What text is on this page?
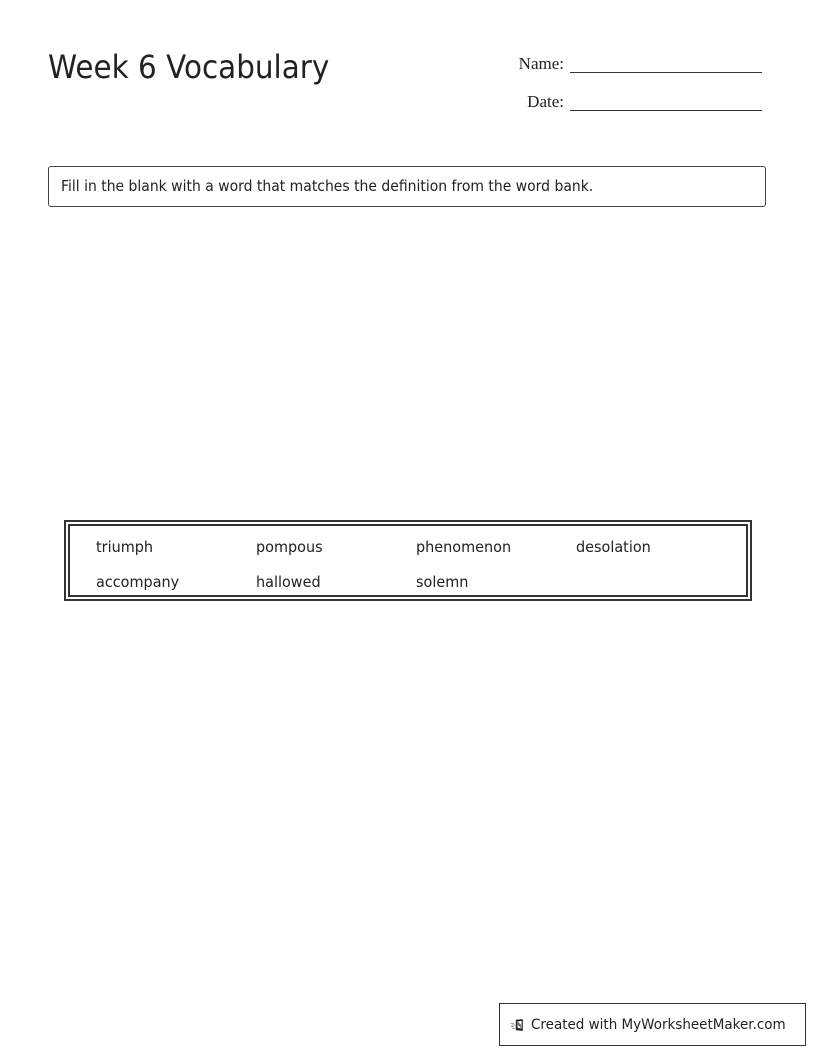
Week 6 Vocabulary	Name:
Date:
Fill in the blank with a word that matches the definition from the word bank.
triumph	pompous	phenomenon	desolation
accompany	hallowed	solemn
Created with MyWorksheetMaker.com
